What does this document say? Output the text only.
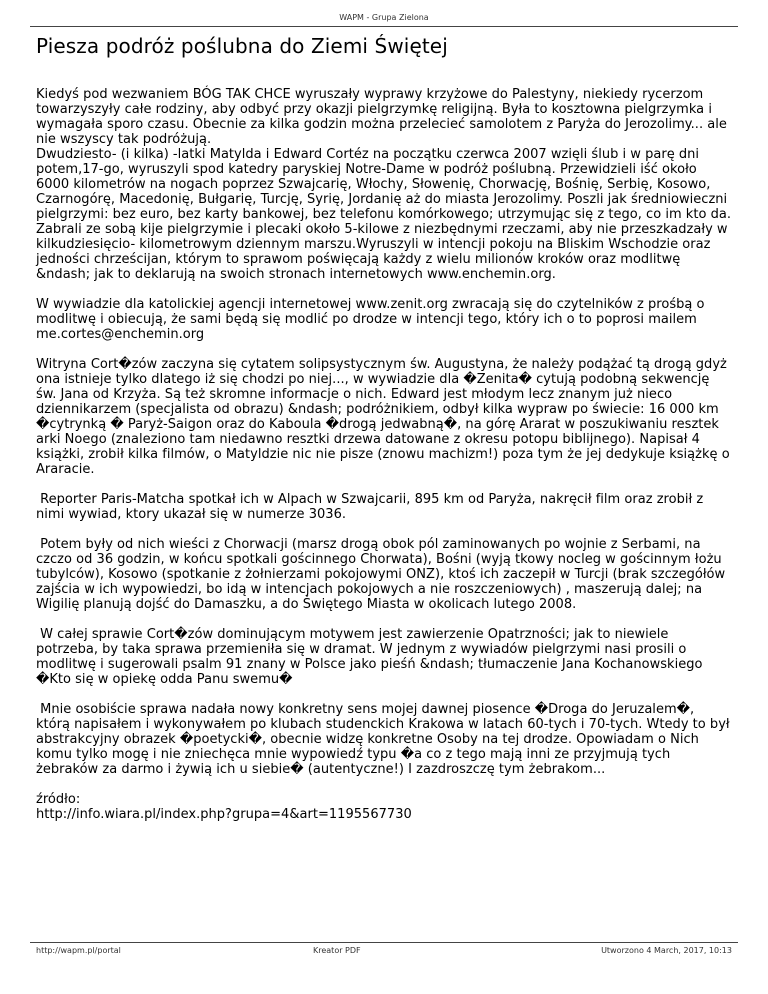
WAPM - Grupa Zielona
Piesza podróż poślubna do Ziemi Świętej

Kiedyś pod wezwaniem BÓG TAK CHCE wyruszały wyprawy krzyżowe do Palestyny, niekiedy rycerzom towarzyszyły całe rodziny, aby odbyć przy okazji pielgrzymkę religijną. Była to kosztowna pielgrzymka i wymagała sporo czasu. Obecnie za kilka godzin można przelecieć samolotem z Paryża do Jerozolimy... ale nie wszyscy tak podróżują.
Dwudziesto- (i kilka) -latki Matylda i Edward Cortéz na początku czerwca 2007 wzięli ślub i w parę dni potem,17-go, wyruszyli spod katedry paryskiej Notre-Dame w podróż poślubną. Przewidzieli iść około 6000 kilometrów na nogach poprzez Szwajcarię, Włochy, Słowenię, Chorwację, Bośnię, Serbię, Kosowo, Czarnogórę, Macedonię, Bułgarię, Turcję, Syrię, Jordanię aż do miasta Jerozolimy. Poszli jak średniowieczni pielgrzymi: bez euro, bez karty bankowej, bez telefonu komórkowego; utrzymując się z tego, co im kto da. Zabrali ze sobą kije pielgrzymie i plecaki około 5-kilowe z niezbędnymi rzeczami, aby nie przeszkadzały w kilkudziesięcio- kilometrowym dziennym marszu.Wyruszyli w intencji pokoju na Bliskim Wschodzie oraz jedności chrześcijan, którym to sprawom poświęcają każdy z wielu milionów kroków oraz modlitwę &ndash; jak to deklarują na swoich stronach internetowych www.enchemin.org.

W wywiadzie dla katolickiej agencji internetowej www.zenit.org zwracają się do czytelników z prośbą o modlitwę i obiecują, że sami będą się modlić po drodze w intencji tego, który ich o to poprosi mailem me.cortes@enchemin.org

Witryna Cort�zów zaczyna się cytatem solipsystycznym św. Augustyna, że należy podążać tą drogą gdyż ona istnieje tylko dlatego iż się chodzi po niej..., w wywiadzie dla �Zenita� cytują podobną sekwencję św. Jana od Krzyża. Są też skromne informacje o nich. Edward jest młodym lecz znanym już nieco dziennikarzem (specjalista od obrazu) &ndash; podróżnikiem, odbył kilka wypraw po świecie: 16 000 km �cytrynką � Paryż-Saigon oraz do Kaboula �drogą jedwabną�, na górę Ararat w poszukiwaniu resztek arki Noego (znaleziono tam niedawno resztki drzewa datowane z okresu potopu biblijnego). Napisał 4 książki, zrobił kilka filmów, o Matyldzie nic nie pisze (znowu machizm!) poza tym że jej dedykuje książkę o Araracie.

Reporter Paris-Matcha spotkał ich w Alpach w Szwajcarii, 895 km od Paryża, nakręcił film oraz zrobił z nimi wywiad, ktory ukazał się w numerze 3036.

Potem były od nich wieści z Chorwacji (marsz drogą obok pól zaminowanych po wojnie z Serbami, na czczo od 36 godzin, w końcu spotkali gościnnego Chorwata), Bośni (wyją tkowy nocleg w gościnnym łożu tubylców), Kosowo (spotkanie z żołnierzami pokojowymi ONZ), ktoś ich zaczepił w Turcji (brak szczegółów zajścia w ich wypowiedzi, bo idą w intencjach pokojowych a nie roszczeniowych) , maszerują dalej; na Wigilię planują dojść do Damaszku, a do Świętego Miasta w okolicach lutego 2008.

W całej sprawie Cort�zów dominującym motywem jest zawierzenie Opatrzności; jak to niewiele potrzeba, by taka sprawa przemieniła się w dramat. W jednym z wywiadów pielgrzymi nasi prosili o modlitwę i sugerowali psalm 91 znany w Polsce jako pieśń &ndash; tłumaczenie Jana Kochanowskiego �Kto się w opiekę odda Panu swemu�

Mnie osobiście sprawa nadała nowy konkretny sens mojej dawnej piosence �Droga do Jeruzalem�, którą napisałem i wykonywałem po klubach studenckich Krakowa w latach 60-tych i 70-tych. Wtedy to był abstrakcyjny obrazek �poetycki�, obecnie widzę konkretne Osoby na tej drodze. Opowiadam o Nich komu tylko mogę i nie zniechęca mnie wypowiedź typu �a co z tego mają inni ze przyjmują tych żebraków za darmo i żywią ich u siebie� (autentyczne!) I zazdroszczę tym żebrakom...

źródło:
http://info.wiara.pl/index.php?grupa=4&art=1195567730

http://wapm.pl/portal	Kreator PDF	Utworzono 4 March, 2017, 10:13
